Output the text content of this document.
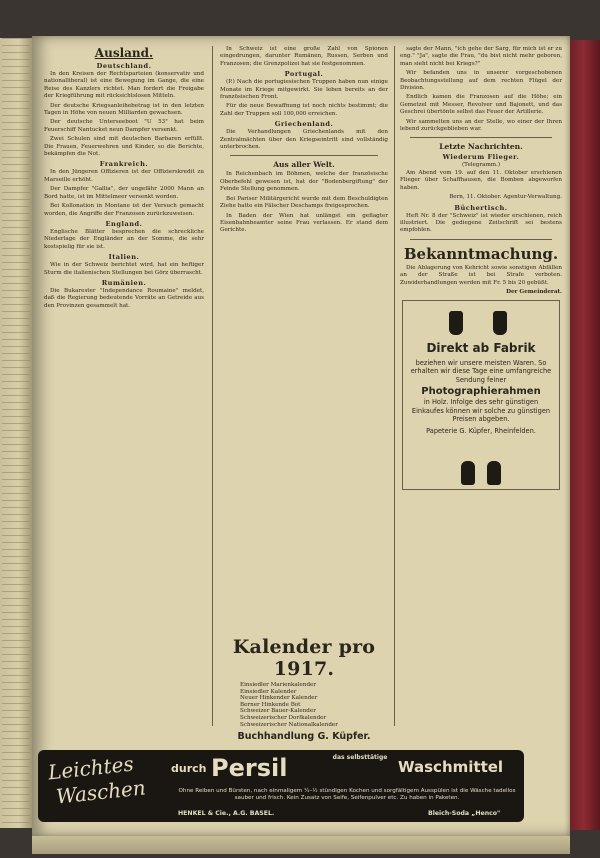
Ausland.
Deutschland.

In den Kreisen der Rechtsparteien (konservativ und nationalliberal) ist eine Bewegung im Gange, die eine Reise des Kanzlers richtet. Man fordert die Freigabe der Kriegführung mit rücksichtslosen Mitteln.

Der deutsche Kriegsanleihebetrag ist in den letzten Tagen in Höhe von neuen Milliarden gewachsen.

Der deutsche Unterseeboot "U 53" hat beim Feuerschiff Nantucket neun Dampfer versenkt.

Zwei Schulen sind mit deutschen Barbaren erfüllt. Die Frauen, Feuerwehren und Kinder, so die Berichte, bekämpfen die Not.

Frankreich.

In den Jüngeren Offizieren ist der Offizierskredit zu Marseille erhöht.

Der Dampfer "Gallia", der ungefähr 2000 Mann an Bord hatte, ist im Mittelmeer versenkt worden.

Bei Kollonation in Montane ist der Versuch gemacht worden, die Angriffe der Franzosen zurückzuweisen.

England.

Englische Blätter besprechen die schreckliche Niederlage der Engländer an der Somme, die sehr kostspielig für sie ist.

Italien.

Wie in der Schweiz berichtet wird, hat ein heftiger Sturm die italienischen Stellungen bei Görz überrascht.

Rumänien.

Die Bukarester "Independance Roumaine" meldet, daß die Regierung bedeutende Vorräte an Getreide aus den Provinzen gesammelt hat.

In Schweiz ist eine große Zahl von Spionen eingedrungen, darunter Rumänen, Russen, Serben und Franzosen; die Grenzpolizei hat sie festgenommen.

Portugal.

(P.) Nach die portugiesischen Truppen haben nun einige Monate im Kriege mitgewirkt. Sie leben bereits an der französischen Front.

Für die neue Bewaffnung ist noch nichts bestimmt; die Zahl der Truppen soll 100,000 erreichen.

Griechenland.

Die Verhandlungen Griechenlands mit den Zentralmächten über den Kriegseintritt sind vollständig unterbrochen.

Aus aller Welt.

In Reichenbach im Böhmen, welche der französische Oberbefehl gewesen ist, hat der "Bodenbergiftung" der Feinde Stellung genommen.

Bei Pariser Militärgericht wurde mit dem Beschuldigten Ziehe hatte ein Fälscher Deschamps freigesprochen.

In Baden der Wien hat unlängst ein geflagter Eisenbahnbeamter seine Frau verlassen. Er stand dem Gerichte.

Kalender pro 1917.

Einsiedler Marienkalender
Einsiedler Kalender
Neuer Hinkender Kalender
Berner Hinkende Bot
Schweizer Bauer-Kalender
Schweizerischer Dorfkalender
Schweizerischer Nationalkalender
Buchhandlung G. Küpfer.

sagte der Mann, "ich gehe der Sarg, für mich ist er zu eng." "Ja", sagte die Frau, "du bist nicht mehr geboren, man sieht nicht bei Kriegs?"

Wir befanden uns in unserer vorgeschobenen Beobachtungsstellung auf dem rechten Flügel der Division.

Endlich kamen die Franzosen auf die Höhe; ein Gemetzel mit Messer, Revolver und Bajonett, und das Geschrei übertönte selbst das Feuer der Artillerie.

Wir sammelten uns an der Stelle, wo einer der Ihren lebend zurückgeblieben war.

Letzte Nachrichten.
Wiederum Flieger.
(Telegramm.)

Am Abend vom 19. auf den 11. Oktober erschienen Flieger über Schaffhausen, die Bomben abgeworfen haben.

Bern, 11. Oktober. Agentur-Verwaltung.

Büchertisch.

Heft Nr. 8 der "Schweiz" ist wieder erschienen, reich illustriert. Die gediegene Zeitschrift sei bestens empfohlen.

Bekanntmachung.

Die Ablagerung von Kehricht sowie sonstigen Abfällen an der Straße ist bei Strafe verboten. Zuwiderhandlungen werden mit Fr. 5 bis 20 gebüßt.

Der Gemeinderat.
Direkt ab Fabrik
beziehen wir unsere meisten Waren. So erhalten wir diese Tage eine umfangreiche Sendung feiner
Photographierahmen
in Holz. Infolge des sehr günstigen Einkaufes können wir solche zu günstigen Preisen abgeben.
Papeterie G. Küpfer, Rheinfelden.
Leichtes
Waschen
durch Persil	das selbsttätige
Waschmittel
Ohne Reiben und Bürsten, nach einmaligem ¼–½ stündigen Kochen und sorgfältigem Ausspülen ist die Wäsche tadellos sauber und frisch. Kein Zusatz von Seife, Seifenpulver etc. Zu haben in Paketen.
HENKEL & Cie., A.G. BASEL.	Bleich-Soda „Henco"
